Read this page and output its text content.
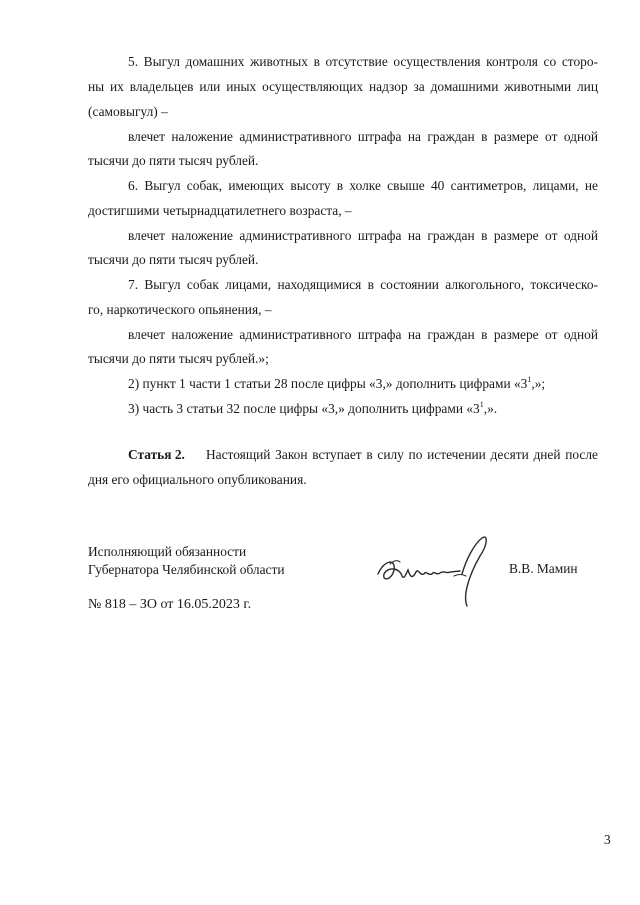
5. Выгул домашних животных в отсутствие осуществления контроля со сторо-
ны их владельцев или иных осуществляющих надзор за домашними животными лиц
(самовыгул) –
влечет наложение административного штрафа на граждан в размере от одной
тысячи до пяти тысяч рублей.
6. Выгул собак, имеющих высоту в холке свыше 40 сантиметров, лицами, не
достигшими четырнадцатилетнего возраста, –
влечет наложение административного штрафа на граждан в размере от одной
тысячи до пяти тысяч рублей.
7. Выгул собак лицами, находящимися в состоянии алкогольного, токсическо-
го, наркотического опьянения, –
влечет наложение административного штрафа на граждан в размере от одной
тысячи до пяти тысяч рублей.»;
2) пункт 1 части 1 статьи 28 после цифры «3,» дополнить цифрами «$3^1$,»;
3) часть 3 статьи 32 после цифры «3,» дополнить цифрами «$3^1$,».
Статья 2.	Настоящий Закон вступает в силу по истечении десяти дней после
дня его официального опубликования.
Исполняющий обязанности
Губернатора Челябинской области	В.В. Мамин
№ 818 – ЗО от 16.05.2023 г.
3
